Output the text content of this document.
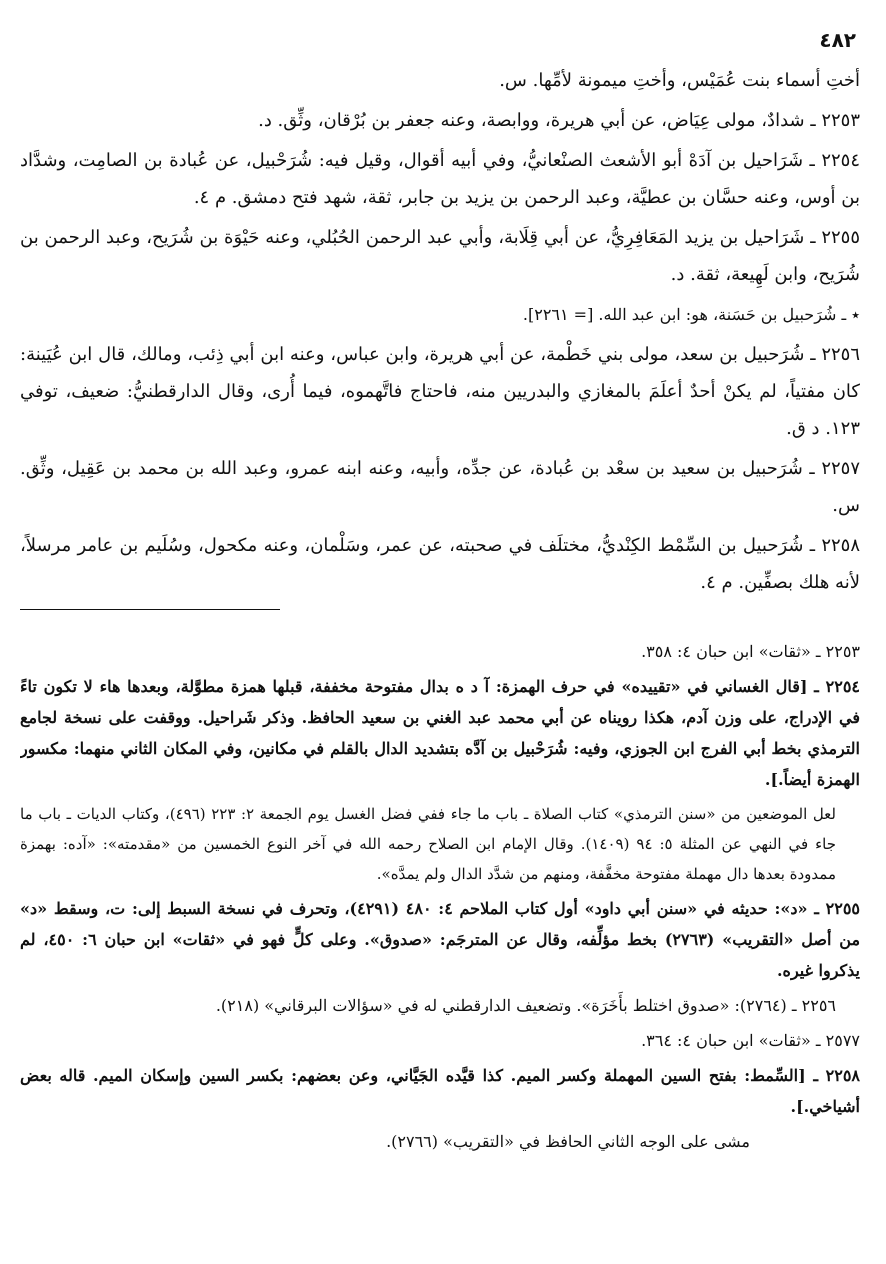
٤٨٢

أختِ أسماء بنت عُمَيْس، وأختِ ميمونة لأمِّها. س.

٢٢٥٣ ـ شدادٌ، مولى عِيَاض، عن أبي هريرة، ووابصة، وعنه جعفر بن بُرْقان، وثِّق. د.

٢٢٥٤ ـ شَرَاحيل بن آدَهْ أبو الأشعث الصنْعانيُّ، وفي أبيه أقوال، وقيل فيه: شُرَحْبيل، عن عُبادة بن الصامِت، وشدَّاد بن أوس، وعنه حسَّان بن عطيَّة، وعبد الرحمن بن يزيد بن جابر، ثقة، شهد فتح دمشق. م ٤.

٢٢٥٥ ـ شَرَاحيل بن يزيد المَعَافِرِيُّ، عن أبي قِلَابة، وأبي عبد الرحمن الحُبُلي، وعنه حَيْوَة بن شُرَيح، وعبد الرحمن بن شُرَيح، وابن لَهِيعة، ثقة. د.

٭ ـ شُرَحبيل بن حَسَنة، هو: ابن عبد الله. [= ٢٢٦١].

٢٢٥٦ ـ شُرَحبيل بن سعد، مولى بني خَطْمة، عن أبي هريرة، وابن عباس، وعنه ابن أبي ذِئب، ومالك، قال ابن عُيَينة: كان مفتياً، لم يكنْ أحدٌ أعلَمَ بالمغازي والبدريين منه، فاحتاج فاتَّهموه، فيما أُرى، وقال الدارقطنيُّ: ضعيف، توفي ١٢٣. د ق.

٢٢٥٧ ـ شُرَحبيل بن سعيد بن سعْد بن عُبادة، عن جدِّه، وأبيه، وعنه ابنه عمرو، وعبد الله بن محمد بن عَقِيل، وثِّق. س.

٢٢٥٨ ـ شُرَحبيل بن السِّمْط الكِنْديُّ، مختلَف في صحبته، عن عمر، وسَلْمان، وعنه مكحول، وسُلَيم بن عامر مرسلاً، لأنه هلك بصفِّين. م ٤.

٢٢٥٣ ـ «ثقات» ابن حبان ٤: ٣٥٨.

٢٢٥٤ ـ [قال الغساني في «تقييده» في حرف الهمزة: آ د ه بدال مفتوحة مخففة، قبلها همزة مطوَّلة، وبعدها هاء لا تكون تاءً في الإدراج، على وزن آدم، هكذا رويناه عن أبي محمد عبد الغني بن سعيد الحافظ. وذكر شَراحيل. ووقفت على نسخة لجامع الترمذي بخط أبي الفرج ابن الجوزي، وفيه: شُرَحْبيل بن آدَّه بتشديد الدال بالقلم في مكانين، وفي المكان الثاني منهما: مكسور الهمزة أيضاً.].

لعل الموضعين من «سنن الترمذي» كتاب الصلاة ـ باب ما جاء ففي فضل الغسل يوم الجمعة ٢: ٢٢٣ (٤٩٦)، وكتاب الديات ـ باب ما جاء في النهي عن المثلة ٥: ٩٤ (١٤٠٩). وقال الإمام ابن الصلاح رحمه الله في آخر النوع الخمسين من «مقدمته»: «آده: بهمزة ممدودة بعدها دال مهملة مفتوحة مخفَّفة، ومنهم من شدَّد الدال ولم يمدَّه».

٢٢٥٥ ـ «د»: حديثه في «سنن أبي داود» أول كتاب الملاحم ٤: ٤٨٠ (٤٢٩١)، وتحرف في نسخة السبط إلى: ت، وسقط «د» من أصل «التقريب» (٢٧٦٣) بخط مؤلِّفه، وقال عن المترجَم: «صدوق». وعلى كلٍّ فهو في «ثقات» ابن حبان ٦: ٤٥٠، لم يذكروا غيره.

٢٢٥٦ ـ (٢٧٦٤): «صدوق اختلط بأَخَرَة». وتضعيف الدارقطني له في «سؤالات البرقاني» (٢١٨).

٢٥٧٧ ـ «ثقات» ابن حبان ٤: ٣٦٤.

٢٢٥٨ ـ [السِّمط: بفتح السين المهملة وكسر الميم. كذا قيَّده الجَيَّاني، وعن بعضهم: بكسر السين وإسكان الميم. قاله بعض أشياخي.].

مشى على الوجه الثاني الحافظ في «التقريب» (٢٧٦٦).
